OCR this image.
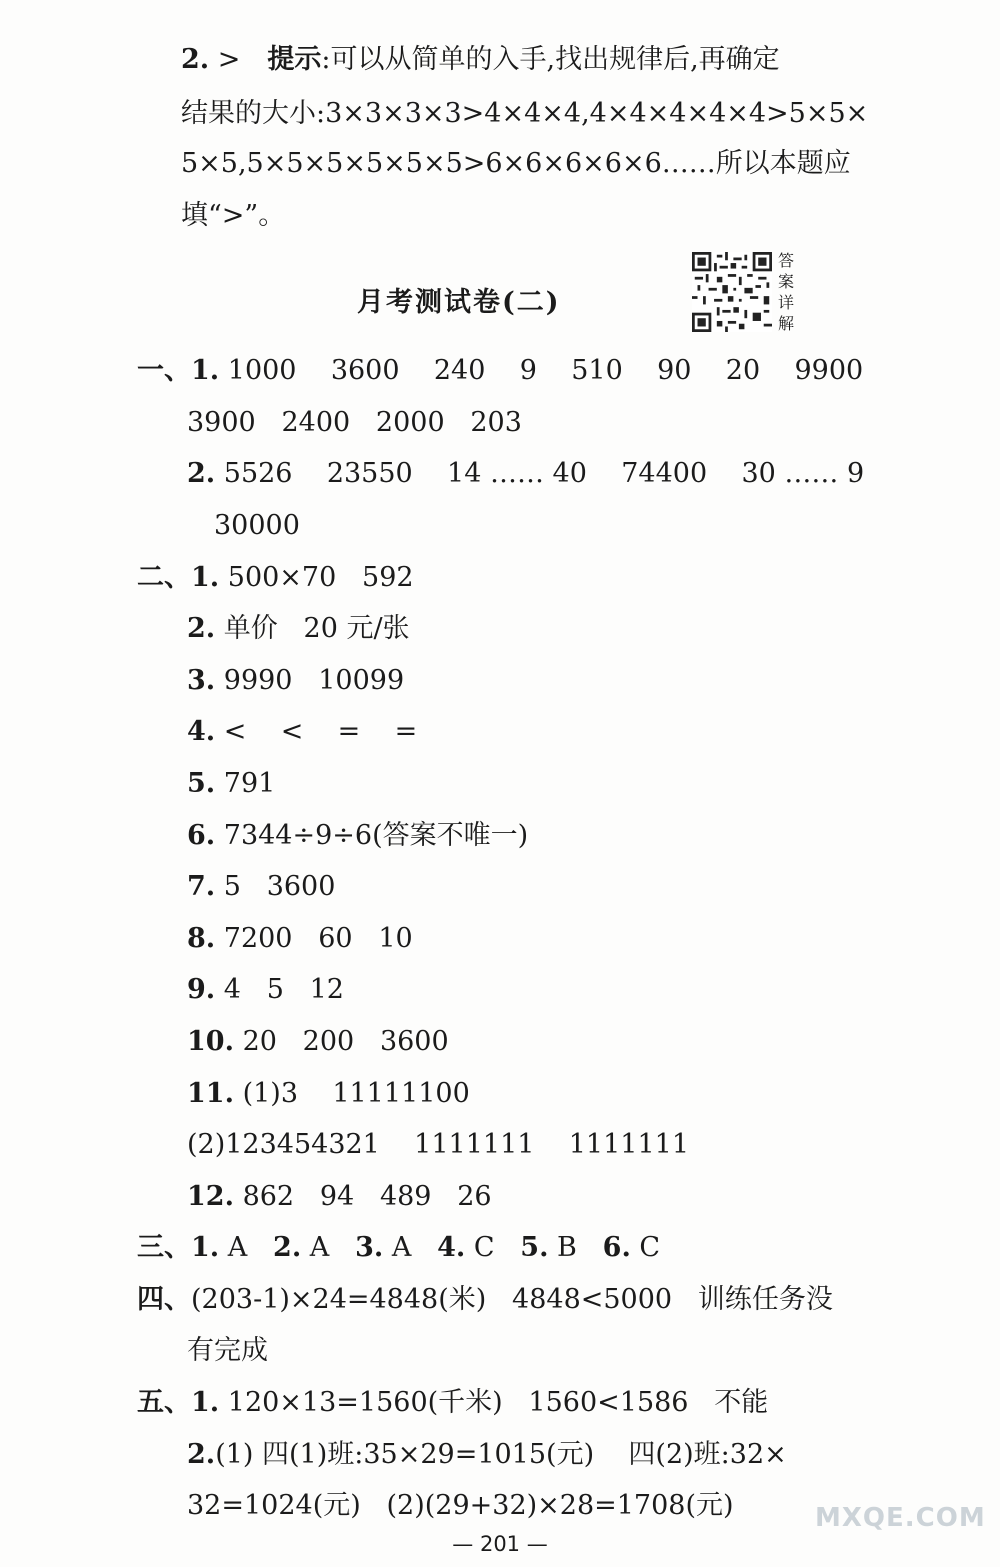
2. >　提示:可以从简单的入手,找出规律后,再确定
结果的大小:3×3×3×3>4×4×4,4×4×4×4×4>5×5×
5×5,5×5×5×5×5×5>6×6×6×6×6……所以本题应
填“>”。
月考测试卷(二)
答案详解
一、1. 1000    3600    240    9    510    90    20    9900
3900   2400   2000   203
2. 5526    23550    14 …… 40    74400    30 …… 9
30000
二、1. 500×70   592
2. 单价   20 元/张
3. 9990   10099
4. <    <    =    =
5. 791
6. 7344÷9÷6(答案不唯一)
7. 5   3600
8. 7200   60   10
9. 4   5   12
10. 20   200   3600
11. (1)3    11111100
(2)123454321    1111111    1111111
12. 862   94   489   26
三、1. A 2. A 3. A 4. C 5. B 6. C
四、(203-1)×24=4848(米)   4848<5000   训练任务没
有完成
五、1. 120×13=1560(千米)   1560<1586   不能
2.(1) 四(1)班:35×29=1015(元)    四(2)班:32×
32=1024(元)   (2)(29+32)×28=1708(元)
— 201 —
MXQE.COM
